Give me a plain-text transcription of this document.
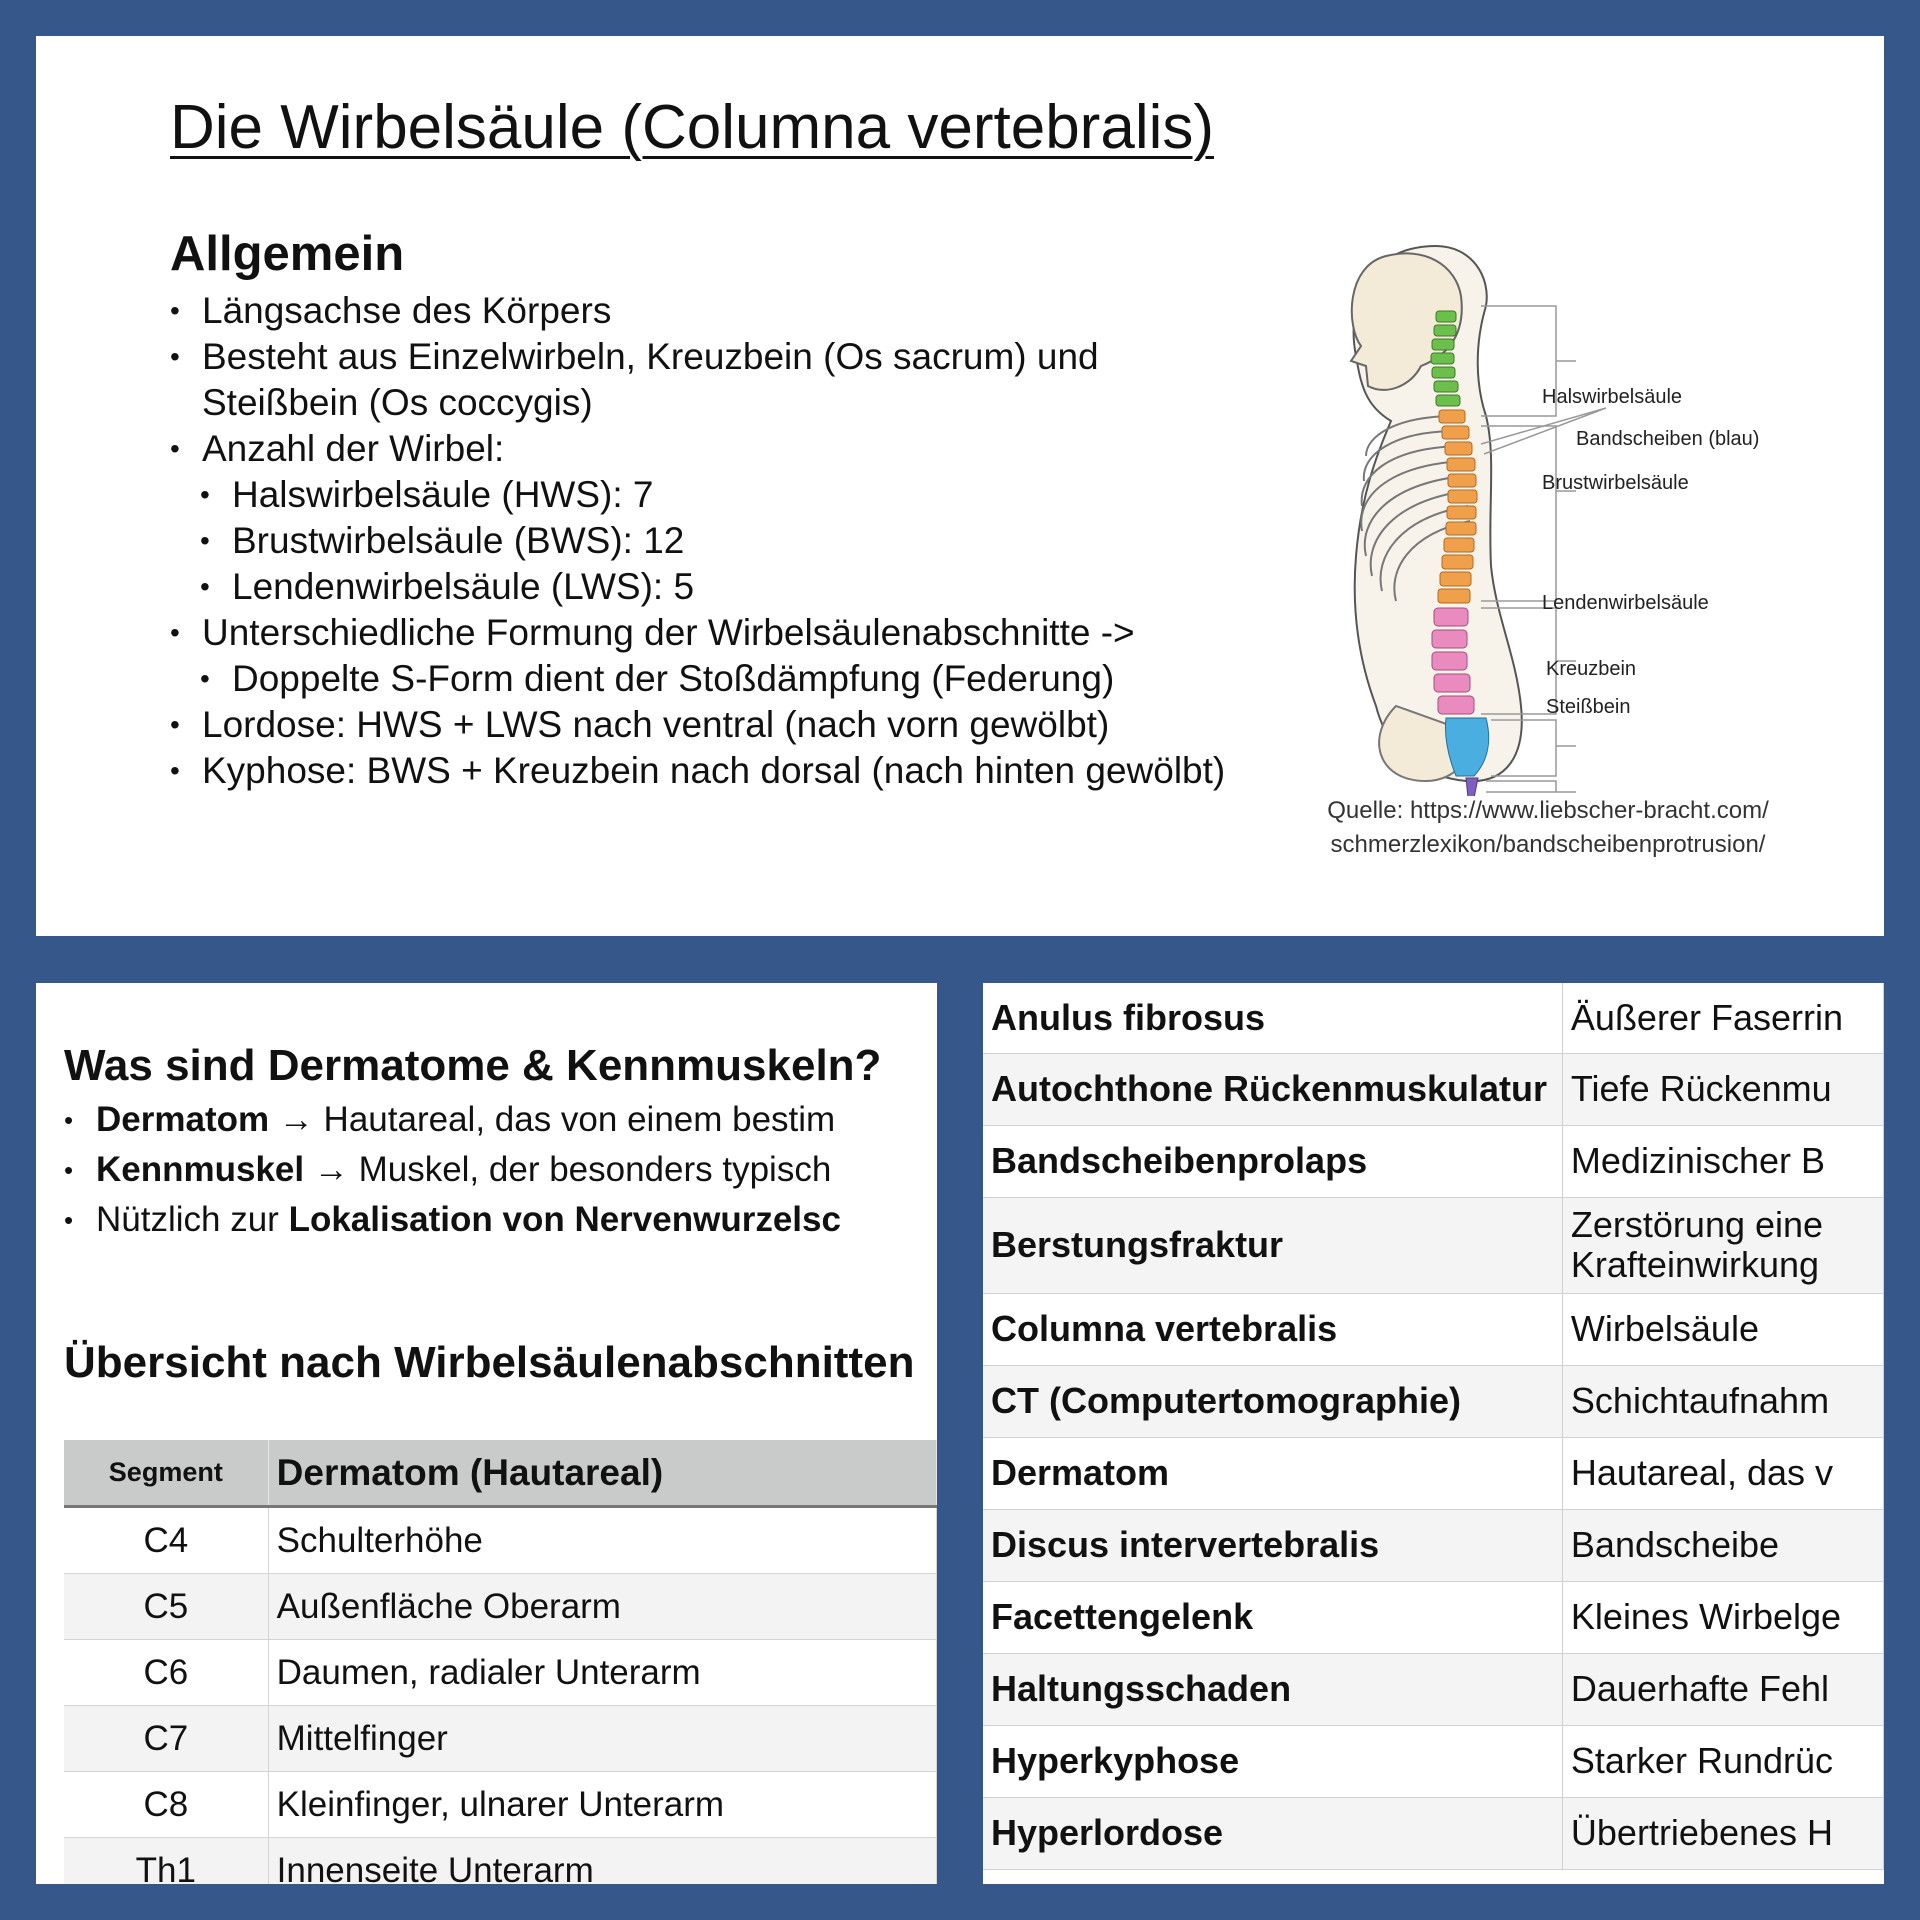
Die Wirbelsäule (Columna vertebralis)
Allgemein
• Längsachse des Körpers
• Besteht aus Einzelwirbeln, Kreuzbein (Os sacrum) und Steißbein (Os coccygis)
• Anzahl der Wirbel:
• Halswirbelsäule (HWS): 7
• Brustwirbelsäule (BWS): 12
• Lendenwirbelsäule (LWS): 5
• Unterschiedliche Formung der Wirbelsäulenabschnitte ->
• Doppelte S-Form dient der Stoßdämpfung (Federung)
• Lordose: HWS + LWS nach ventral (nach vorn gewölbt)
• Kyphose: BWS + Kreuzbein nach dorsal (nach hinten gewölbt)
Halswirbelsäule
Bandscheiben (blau)
Brustwirbelsäule
Lendenwirbelsäule
Kreuzbein
Steißbein
Quelle: https://www.liebscher-bracht.com/
schmerzlexikon/bandscheibenprotrusion/
Was sind Dermatome & Kennmuskeln?
• Dermatom → Hautareal, das von einem bestim
• Kennmuskel → Muskel, der besonders typisch
• Nützlich zur Lokalisation von Nervenwurzelsc
Übersicht nach Wirbelsäulenabschnitten
Segment	Dermatom (Hautareal)
C4	Schulterhöhe
C5	Außenfläche Oberarm
C6	Daumen, radialer Unterarm
C7	Mittelfinger
C8	Kleinfinger, ulnarer Unterarm
Th1	Innenseite Unterarm
Anulus fibrosus	Äußerer Faserrin
Autochthone Rückenmuskulatur	Tiefe Rückenmu
Bandscheibenprolaps	Medizinischer B
Berstungsfraktur	Zerstörung eine Krafteinwirkung
Columna vertebralis	Wirbelsäule
CT (Computertomographie)	Schichtaufnahm
Dermatom	Hautareal, das v
Discus intervertebralis	Bandscheibe
Facettengelenk	Kleines Wirbelge
Haltungsschaden	Dauerhafte Fehl
Hyperkyphose	Starker Rundrüc
Hyperlordose	Übertriebenes H
